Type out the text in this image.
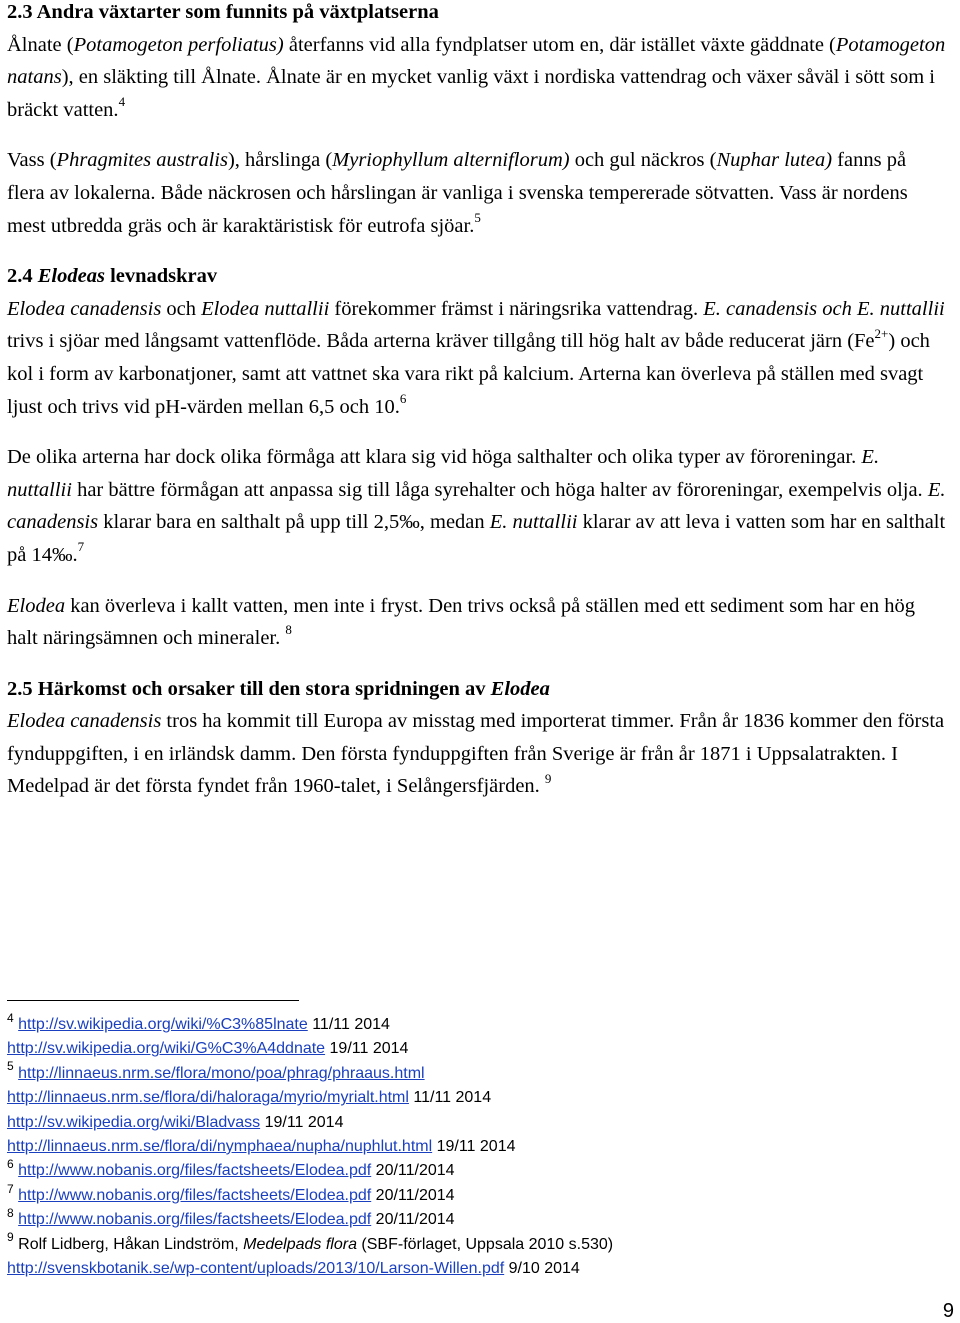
2.3 Andra växtarter som funnits på växtplatserna

Ålnate (Potamogeton perfoliatus) återfanns vid alla fyndplatser utom en, där istället växte gäddnate (Potamogeton natans), en släkting till Ålnate. Ålnate är en mycket vanlig växt i nordiska vattendrag och växer såväl i sött som i bräckt vatten.$^4$

Vass (Phragmites australis), hårslinga (Myriophyllum alterniflorum) och gul näckros (Nuphar lutea) fanns på flera av lokalerna. Både näckrosen och hårslingan är vanliga i svenska tempererade sötvatten. Vass är nordens mest utbredda gräs och är karaktäristisk för eutrofa sjöar.$^5$

2.4 Elodeas levnadskrav

Elodea canadensis och Elodea nuttallii förekommer främst i näringsrika vattendrag. E. canadensis och E. nuttallii trivs i sjöar med långsamt vattenflöde. Båda arterna kräver tillgång till hög halt av både reducerat järn $(Fe^{2+})$ och kol i form av karbonatjoner, samt att vattnet ska vara rikt på kalcium. Arterna kan överleva på ställen med svagt ljust och trivs vid pH-värden mellan 6,5 och 10.$^6$

De olika arterna har dock olika förmåga att klara sig vid höga salthalter och olika typer av föroreningar. E. nuttallii har bättre förmågan att anpassa sig till låga syrehalter och höga halter av föroreningar, exempelvis olja. E. canadensis klarar bara en salthalt på upp till 2,5‰, medan E. nuttallii klarar av att leva i vatten som har en salthalt på 14‰.$^7$

Elodea kan överleva i kallt vatten, men inte i fryst. Den trivs också på ställen med ett sediment som har en hög halt näringsämnen och mineraler. $^8$

2.5 Härkomst och orsaker till den stora spridningen av Elodea

Elodea canadensis tros ha kommit till Europa av misstag med importerat timmer. Från år 1836 kommer den första fynduppgiften, i en irländsk damm. Den första fynduppgiften från Sverige är från år 1871 i Uppsalatrakten. I Medelpad är det första fyndet från 1960-talet, i Selångersfjärden. $^9$

$^4$ http://sv.wikipedia.org/wiki/%C3%85lnate 11/11 2014
http://sv.wikipedia.org/wiki/G%C3%A4ddnate 19/11 2014
$^5$ http://linnaeus.nrm.se/flora/mono/poa/phrag/phraaus.html
http://linnaeus.nrm.se/flora/di/haloraga/myrio/myrialt.html 11/11 2014
http://sv.wikipedia.org/wiki/Bladvass 19/11 2014
http://linnaeus.nrm.se/flora/di/nymphaea/nupha/nuphlut.html 19/11 2014
$^6$ http://www.nobanis.org/files/factsheets/Elodea.pdf 20/11/2014
$^7$ http://www.nobanis.org/files/factsheets/Elodea.pdf 20/11/2014
$^8$ http://www.nobanis.org/files/factsheets/Elodea.pdf 20/11/2014
$^9$ Rolf Lidberg, Håkan Lindström, Medelpads flora (SBF-förlaget, Uppsala 2010 s.530)
http://svenskbotanik.se/wp-content/uploads/2013/10/Larson-Willen.pdf 9/10 2014
9
